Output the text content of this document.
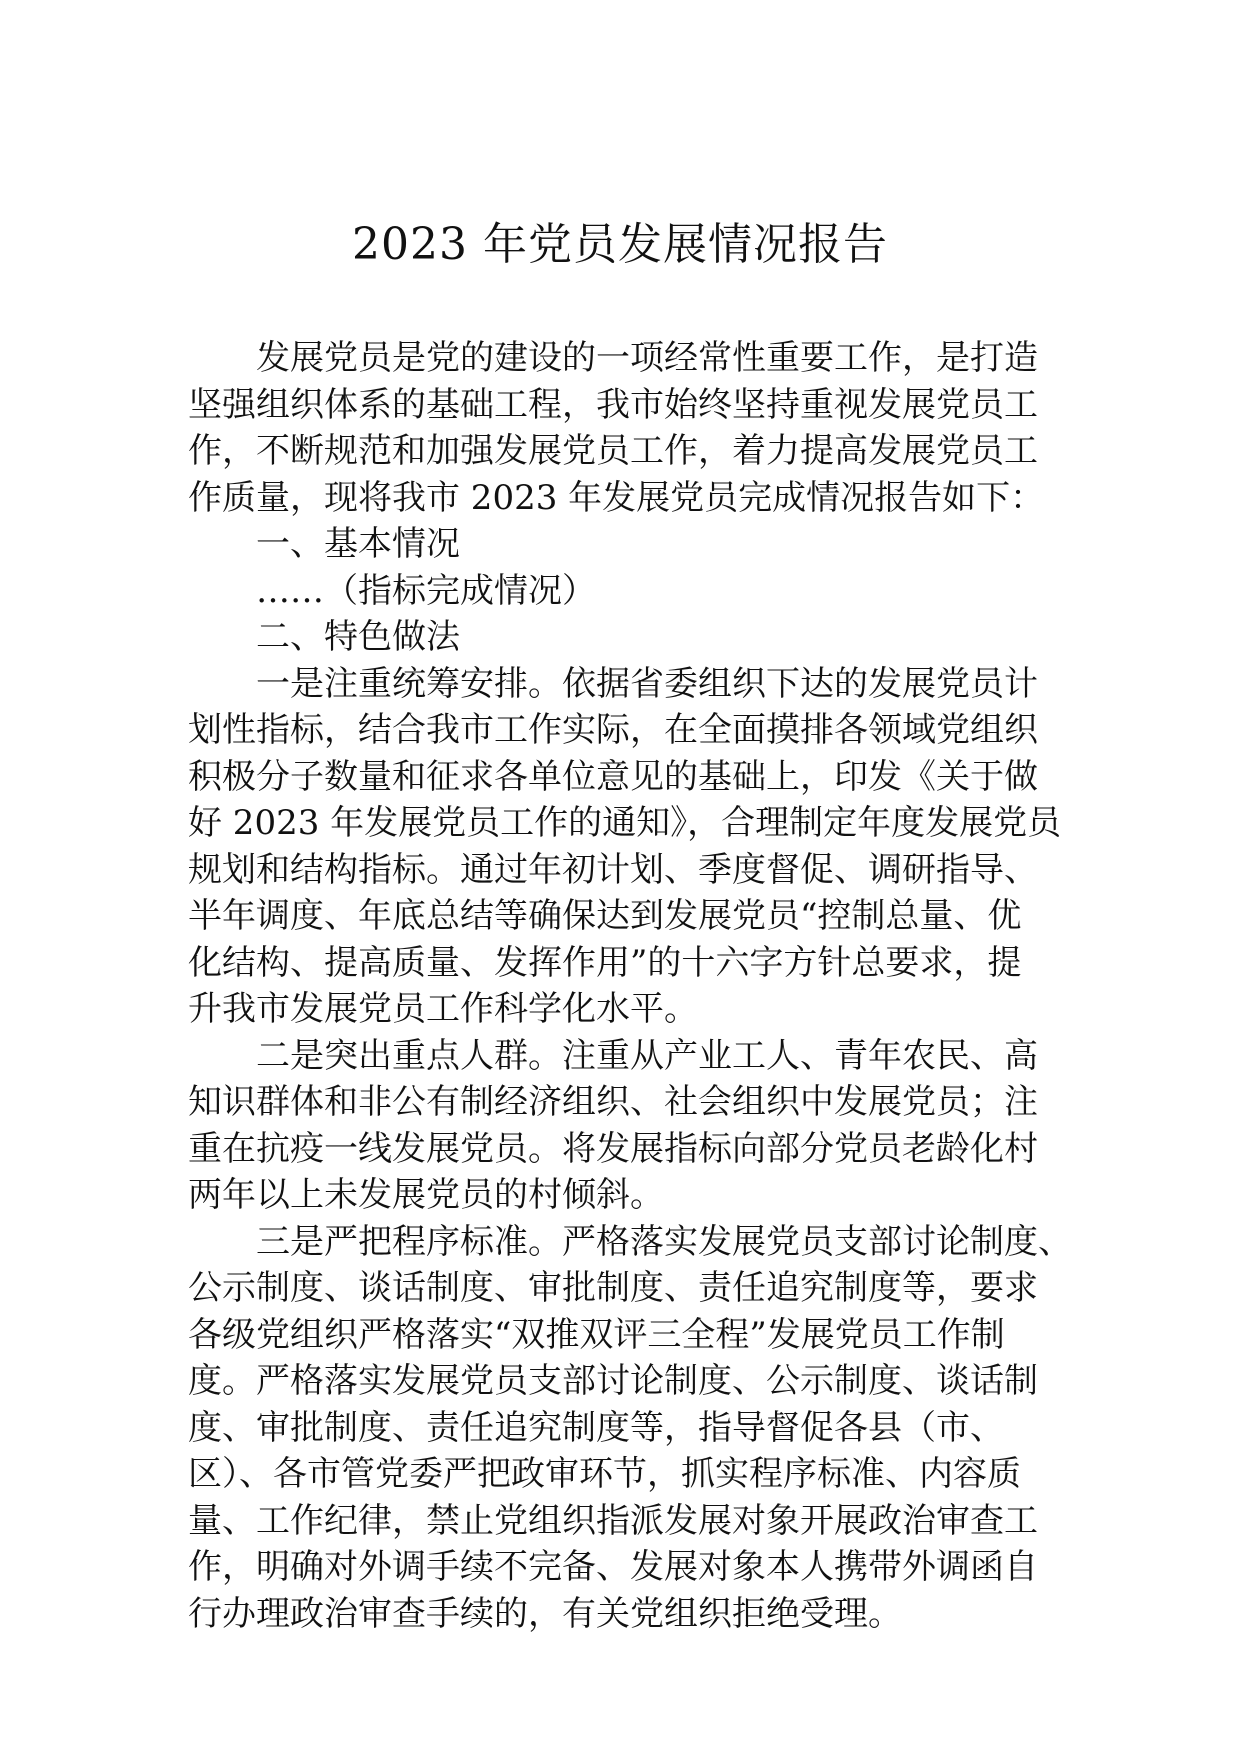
2023 年党员发展情况报告
发展党员是党的建设的一项经常性重要工作，是打造
坚强组织体系的基础工程，我市始终坚持重视发展党员工
作，不断规范和加强发展党员工作，着力提高发展党员工
作质量，现将我市 2023 年发展党员完成情况报告如下：
一、基本情况
……（指标完成情况）
二、特色做法
一是注重统筹安排。依据省委组织下达的发展党员计
划性指标，结合我市工作实际，在全面摸排各领域党组织
积极分子数量和征求各单位意见的基础上，印发《关于做
好 2023 年发展党员工作的通知》，合理制定年度发展党员
规划和结构指标。通过年初计划、季度督促、调研指导、
半年调度、年底总结等确保达到发展党员“控制总量、优
化结构、提高质量、发挥作用”的十六字方针总要求，提
升我市发展党员工作科学化水平。
二是突出重点人群。注重从产业工人、青年农民、高
知识群体和非公有制经济组织、社会组织中发展党员；注
重在抗疫一线发展党员。将发展指标向部分党员老龄化村
两年以上未发展党员的村倾斜。
三是严把程序标准。严格落实发展党员支部讨论制度、
公示制度、谈话制度、审批制度、责任追究制度等，要求
各级党组织严格落实“双推双评三全程”发展党员工作制
度。严格落实发展党员支部讨论制度、公示制度、谈话制
度、审批制度、责任追究制度等，指导督促各县（市、
区）、各市管党委严把政审环节，抓实程序标准、内容质
量、工作纪律，禁止党组织指派发展对象开展政治审查工
作，明确对外调手续不完备、发展对象本人携带外调函自
行办理政治审查手续的，有关党组织拒绝受理。
